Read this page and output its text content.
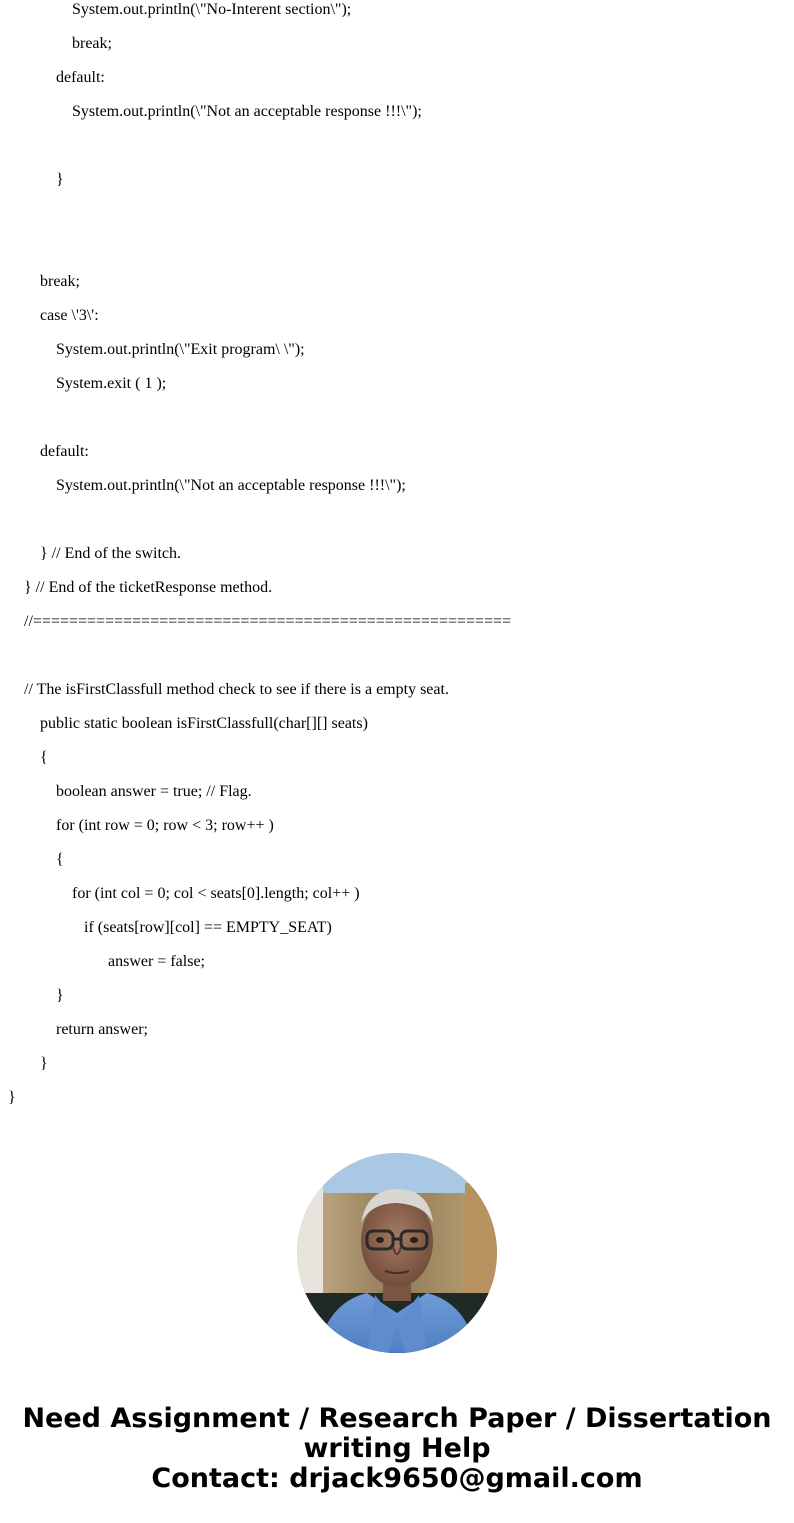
System.out.println(\"No-Interent section\");
break;
default:
System.out.println(\"Not an acceptable response !!!\");
}
break;
case \'3\':
System.out.println(\"Exit program\ \");
System.exit ( 1 );
default:
System.out.println(\"Not an acceptable response !!!\");
} // End of the switch.
} // End of the ticketResponse method.
//=====================================================
// The isFirstClassfull method check to see if there is a empty seat.
public static boolean isFirstClassfull(char[][] seats)
{
boolean answer = true; // Flag.
for (int row = 0; row < 3; row++ )
{
for (int col = 0; col < seats[0].length; col++ )
if (seats[row][col] == EMPTY_SEAT)
answer = false;
}
return answer;
}
}
Need Assignment / Research Paper / Dissertation
writing Help
Contact: drjack9650@gmail.com
